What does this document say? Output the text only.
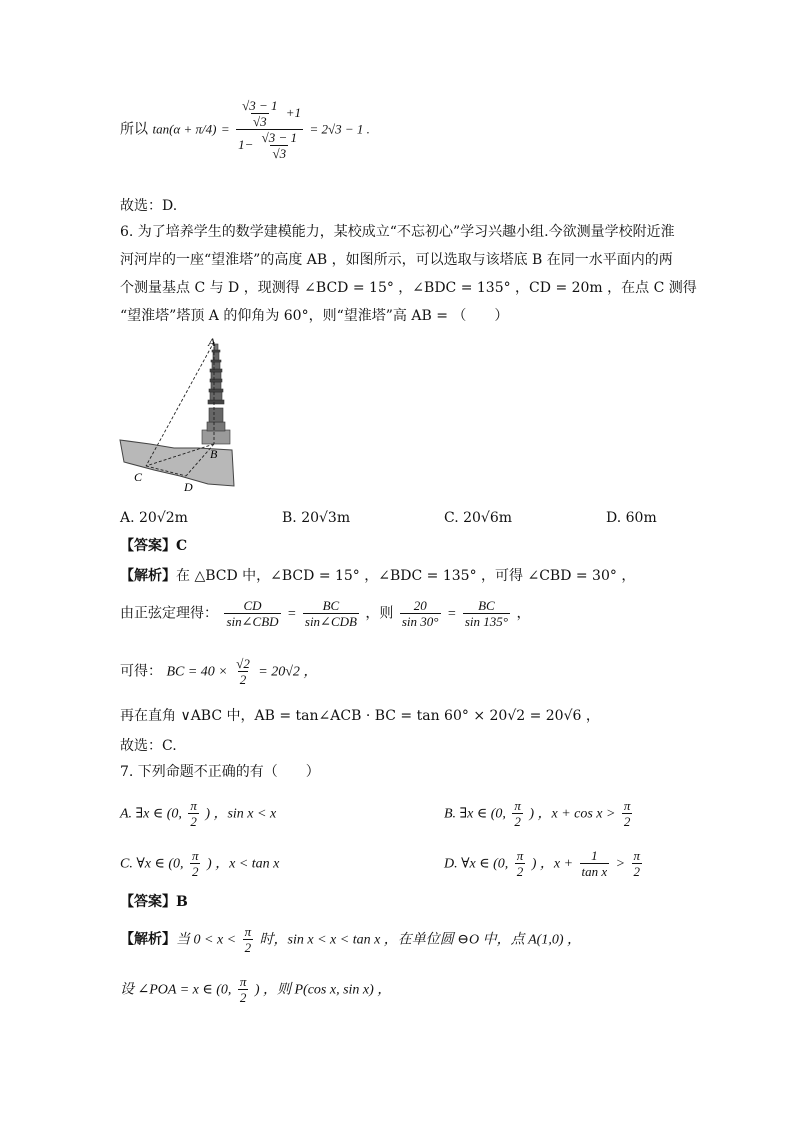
所以 $\tan(\alpha + \pi/4) = \frac{\frac{√3 - 1}{√3} +1}{1- \frac{√3 - 1}{√3}} = 2√3 - 1$ .
故选：D.
6. 为了培养学生的数学建模能力，某校成立“不忘初心”学习兴趣小组.今欲测量学校附近淮
河河岸的一座“望淮塔”的高度 AB ，如图所示，可以选取与该塔底 B 在同一水平面内的两
个测量基点 C 与 D ，现测得 ∠BCD = 15° ，∠BDC = 135° ，CD = 20m ，在点 C 测得
“望淮塔”塔顶 A 的仰角为 60°，则“望淮塔”高 AB = （　　）
A
B
C
D
A. 20√2m	B. 20√3m	C. 20√6m	D. 60m
【答案】C
【解析】在 △BCD 中，∠BCD = 15° ，∠BDC = 135° ，可得 ∠CBD = 30° ，
由正弦定理得： $\frac{CD}{\text{sin∠CBD}} = \frac{BC}{\text{sin∠CDB}}$ ，则 $\frac{20}{\sin 30^\circ} = \frac{BC}{\sin 135^\circ}$ ，
可得： BC = $40 \times \frac{√2}{2} = 20√2$ ，
再在直角 ∨ABC 中，AB = tan∠ACB · BC = tan 60° × 20√2 = 20√6 ，
故选：C.
7. 下列命题不正确的有（　　）
A. ∃x ∈ (0, $\frac{\pi}{2}$ ) ，sin x < x	B. ∃x ∈ (0, $\frac{\pi}{2}$ ) ，$x + \cos x > \frac{\pi}{2}$
C. ∀x ∈ (0, $\frac{\pi}{2}$ ) ，x < tan x	D. ∀x ∈ (0, $\frac{\pi}{2}$ ) ，$x + \frac{1}{\text{tan x}} > \frac{\pi}{2}$
【答案】B
【解析】当 $0 < x < \frac{\pi}{2}$ 时，sin x < x < tan x ，在单位圆 ⊖O 中，点 A(1,0) ，
设 ∠POA = x ∈ (0, $\frac{\pi}{2}$ ) ，则 P(cos x, sin x) ，
